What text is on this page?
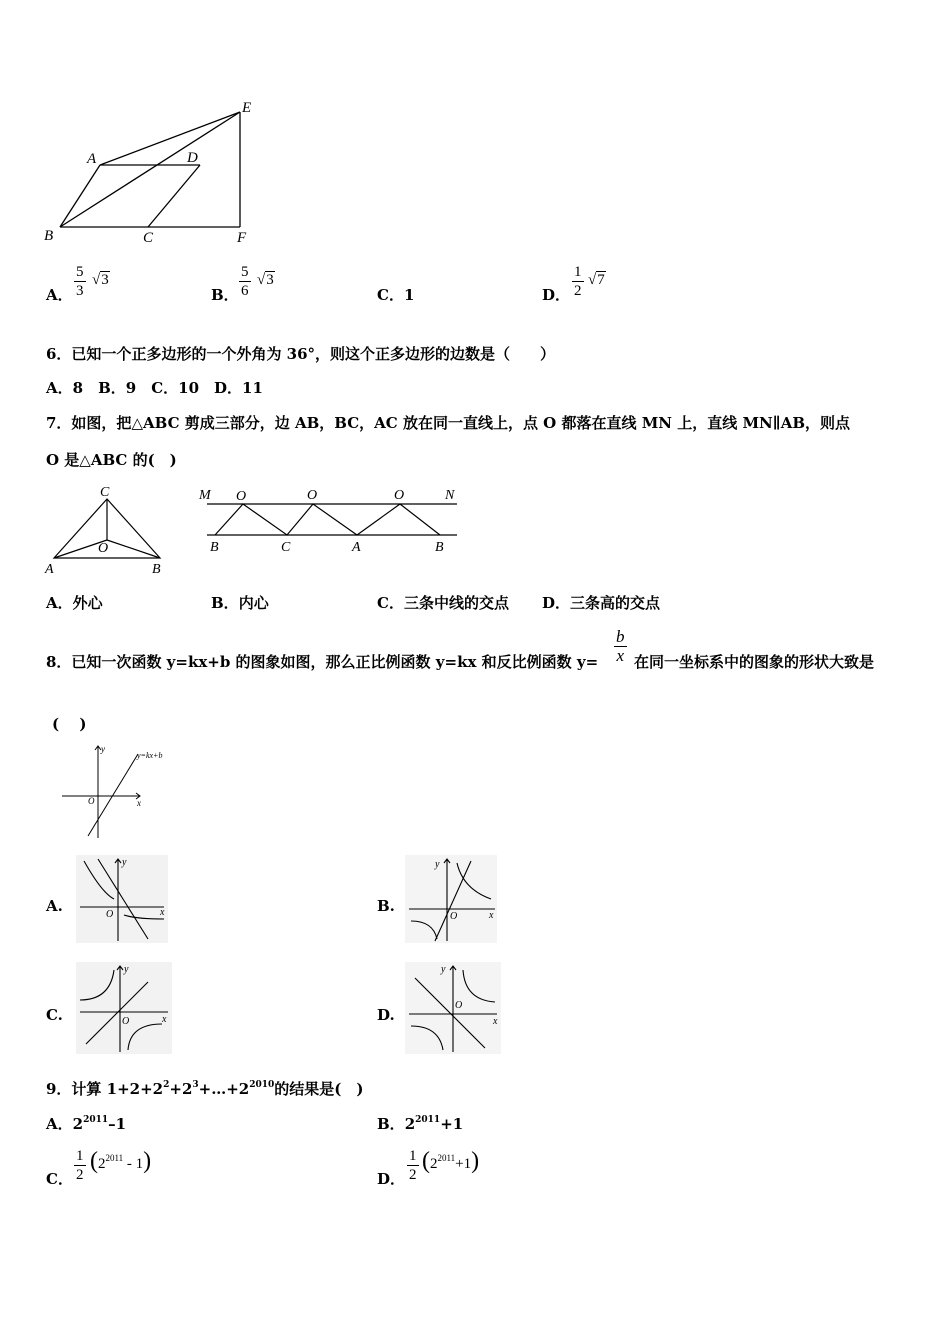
A	D
E
B	C	F
A． $\frac{5}{3} √3$
B． $\frac{5}{6} √3$
C． 1	D． $\frac{1}{2} √7$
6．已知一个正多边形的一个外角为 36°，则这个正多边形的边数是（　　）
A．8　B．9　C．10　D．11
7．如图，把△ABC 剪成三部分，边 AB，BC，AC 放在同一直线上，点 O 都落在直线 MN 上，直线 MN∥AB，则点
O 是△ABC 的(　)
C
O
A	B
M O	O	O	N
B	C	A	B
A．外心	B．内心	C．三条中线的交点 D．三条高的交点
8．已知一次函数 y=kx+b 的图象如图，那么正比例函数 y=kx 和反比例函数 $y= \frac{b}{x}$ 在同一坐标系中的图象的形状大致是
(　 )
y
y=kx+b
x
O
A.
y
x
O	B.
y
x
O
C.
y
x
O	D.
y
x
O
9．计算 $1+2+2^2+2^3+\dots+2^{2010}$的结果是(　)
A．$2^{2011}-1$	B．$2^{2011}+1$
C． $\frac{1}{2} (2^{2011} - 1)$
D． $\frac{1}{2} (2^{2011}+1)$
